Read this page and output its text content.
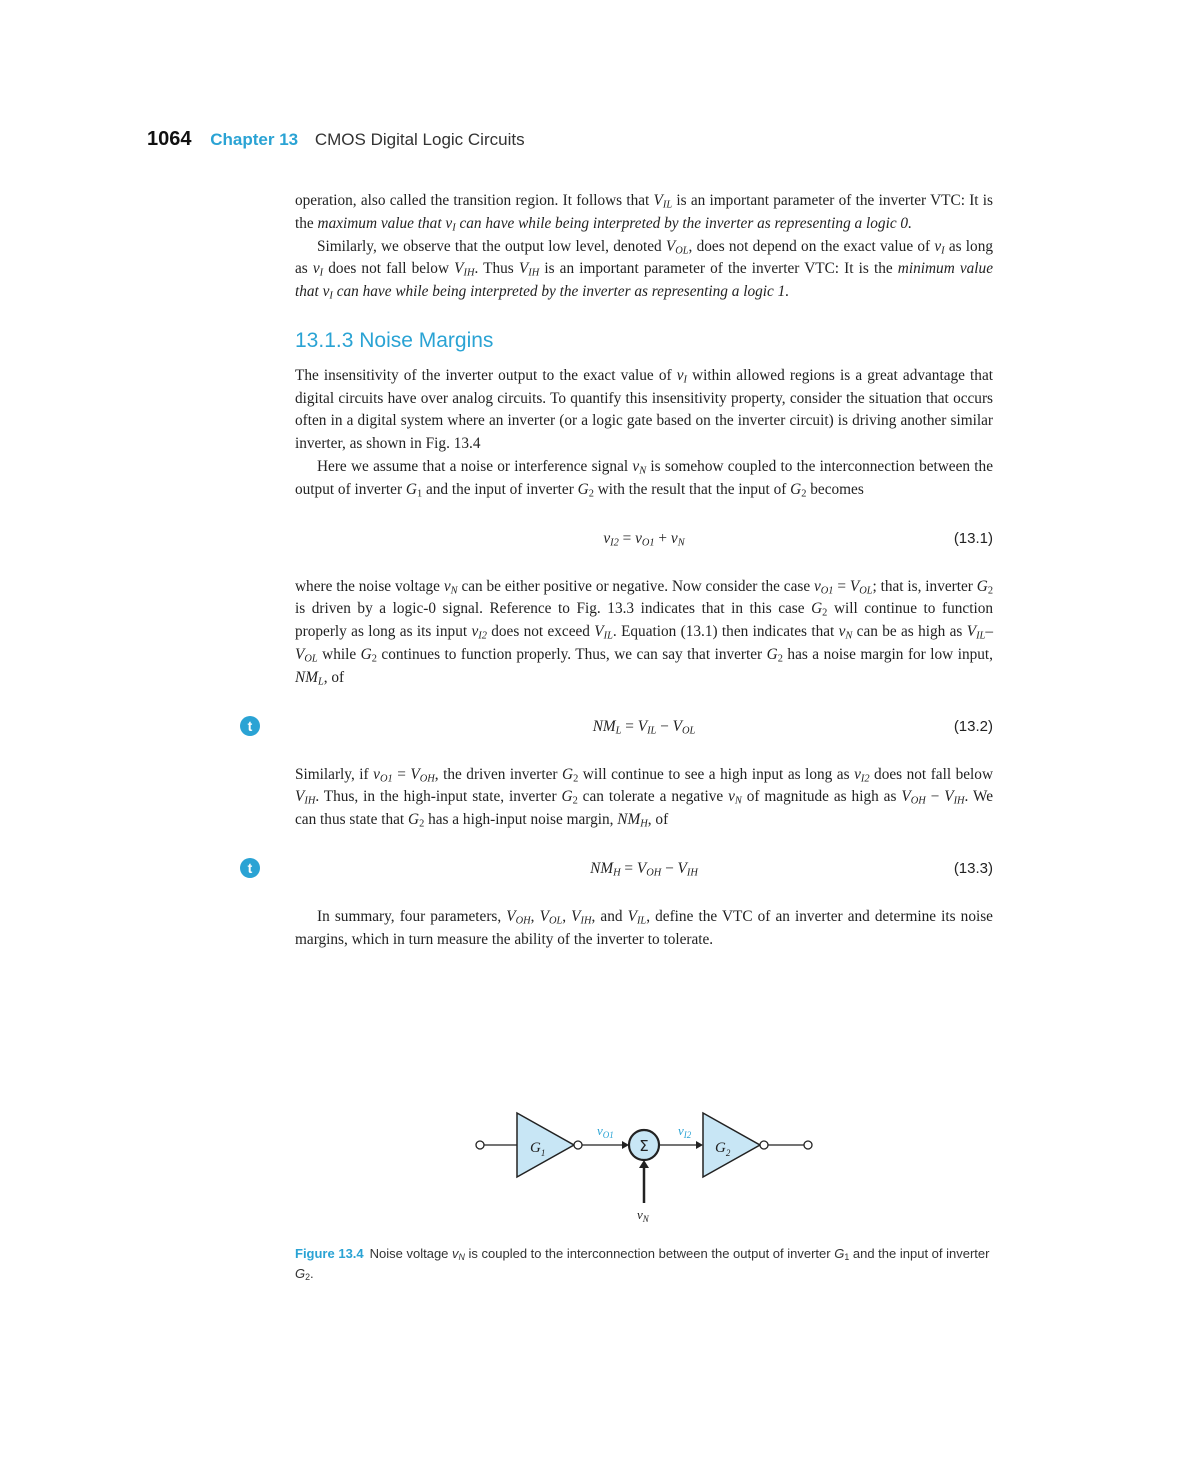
1064 Chapter 13 CMOS Digital Logic Circuits

operation, also called the transition region. It follows that $V_{IL}$ is an important parameter of the inverter VTC: It is the maximum value that $v_I$ can have while being interpreted by the inverter as representing a logic 0.

Similarly, we observe that the output low level, denoted $V_{OL}$, does not depend on the exact value of $v_I$ as long as $v_I$ does not fall below $V_{IH}$. Thus $V_{IH}$ is an important parameter of the inverter VTC: It is the minimum value that $v_I$ can have while being interpreted by the inverter as representing a logic 1.

13.1.3 Noise Margins

The insensitivity of the inverter output to the exact value of $v_I$ within allowed regions is a great advantage that digital circuits have over analog circuits. To quantify this insensitivity property, consider the situation that occurs often in a digital system where an inverter (or a logic gate based on the inverter circuit) is driving another similar inverter, as shown in Fig. 13.4

Here we assume that a noise or interference signal $v_N$ is somehow coupled to the interconnection between the output of inverter $G_1$ and the input of inverter $G_2$ with the result that the input of $G_2$ becomes

$v_{I2} = v_{O1} + v_N$	(13.1)

where the noise voltage $v_N$ can be either positive or negative. Now consider the case $v_{O1} = V_{OL}$; that is, inverter $G_2$ is driven by a logic-0 signal. Reference to Fig. 13.3 indicates that in this case $G_2$ will continue to function properly as long as its input $v_{I2}$ does not exceed $V_{IL}$. Equation (13.1) then indicates that $v_N$ can be as high as $V_{IL}-V_{OL}$ while $G_2$ continues to function properly. Thus, we can say that inverter $G_2$ has a noise margin for low input, $NM_L$, of

t	$NM_L = V_{IL} - V_{OL}$	(13.2)

Similarly, if $v_{O1} = V_{OH}$, the driven inverter $G_2$ will continue to see a high input as long as $v_{I2}$ does not fall below $V_{IH}$. Thus, in the high-input state, inverter $G_2$ can tolerate a negative $v_N$ of magnitude as high as $V_{OH} - V_{IH}$. We can thus state that $G_2$ has a high-input noise margin, $NM_H$, of

t	$NM_H = V_{OH} - V_{IH}$	(13.3)

In summary, four parameters, $V_{OH}$, $V_{OL}$, $V_{IH}$, and $V_{IL}$, define the VTC of an inverter and determine its noise margins, which in turn measure the ability of the inverter to tolerate.

$G_1$
$v_{O1}$
Σ
$v_{I2}$
$G_2$
$v_N$
Figure 13.4 Noise voltage $v_N$ is coupled to the interconnection between the output of inverter $G_1$ and the input of inverter $G_2$.
